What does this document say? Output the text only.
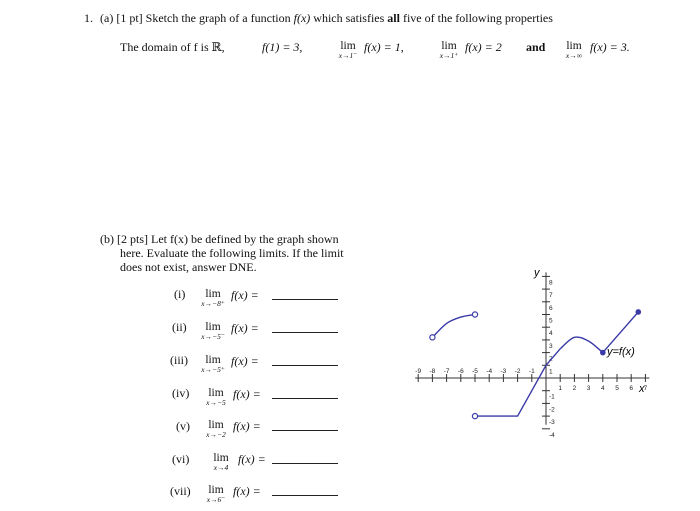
1. (a) [1 pt] Sketch the graph of a function f(x) which satisfies all five of the following properties
The domain of f is ℝ,	f(1) = 3,	lim
x→1⁻
f(x) = 1,	lim
x→1⁺
f(x) = 2 and	lim
x→∞
f(x) = 3.
(b) [2 pts] Let f(x) be defined by the graph shown
here. Evaluate the following limits. If the limit
does not exist, answer DNE.
(i)	lim
x→−8⁺
f(x) =
(ii)	lim
x→−5⁻
f(x) =
(iii)	lim
x→−5⁺
f(x) =
(iv)	lim
x→−5
f(x) =
(v)	lim
x→−2
f(x) =
(vi)	lim
x→4
f(x) =
(vii)	lim
x→6⁻
f(x) =
-9 -8 -7 -6 -5 -4 -3 -2 -1
1 2 3 4 5 6 7
-4
-3
-2
-1
1
2
3
4
5
6
7
8
y
x
y=f(x)
